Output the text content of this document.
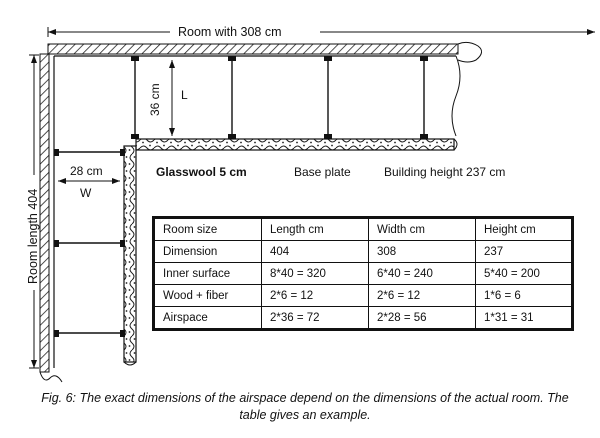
Room with 308 cm
Room length 404
36 cm L
28 cm
W
Glasswool 5 cm	Base plate	Building height 237 cm
Room size	Length cm	Width cm	Height cm
Dimension	404	308	237
Inner surface	8*40 = 320	6*40 = 240	5*40 = 200
Wood + fiber	2*6 = 12	2*6 = 12	1*6 = 6
Airspace	2*36 = 72	2*28 = 56	1*31 = 31
Fig. 6: The exact dimensions of the airspace depend on the dimensions of the actual room. The table gives an example.
